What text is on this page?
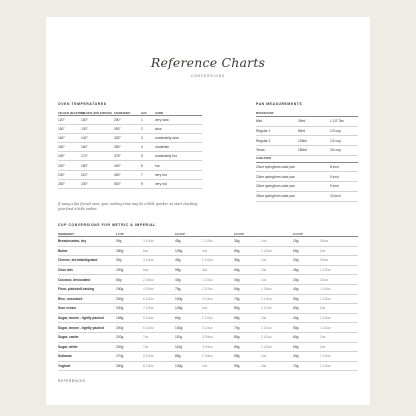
Reference Charts
CONVERSIONS
OVEN TEMPERATURES
CELSIUS (ELECTRIC)	CELSIUS (FAN-FORCED)	FAHRENHEIT	GAS	GUIDE
120°	100°	250°	1	very slow
150°	130°	300°	2	slow
160°	140°	325°	3	moderately slow
180°	160°	350°	4	moderate
190°	170°	375°	5	moderately hot
200°	180°	400°	6	hot
230°	210°	450°	7	very hot
250°	230°	500°	9	very hot
If using a fan-forced oven, your cooking time may be a little quicker, so start checking your food a little earlier.
PAN MEASUREMENTS
MUFFIN PANS		
Mini	30ml	1 1/2 Tbs
Regular 1	80ml	1/3 cup
Regular 2	125ml	1/2 cup
Texas	180ml	3/4 cup
CAKE PANS		
20cm springform cake pan		8 inch
23cm springform cake pan		9 inch
23cm springform cake pan		9 inch
25cm springform cake pan		10 inch
CUP CONVERSIONS FOR METRIC & IMPERIAL
INGREDIENT	1 CUP		1/2 CUP		1/3 CUP		1/4 CUP	
Breadcrumbs, dry	90g	3 1/4oz	45g	1 1/2oz	30g	1oz	20g	3/4oz
Butter	250g	8oz	125g	4oz	80g	2 1/2oz	60g	2oz
Cheese, shredded/grated	90g	3 1/4oz	45g	1 1/2oz	30g	1oz	20g	3/4oz
Choc bits	190g	6oz	95g	3oz	60g	2oz	45g	1 1/2oz
Coconut, desiccated	80g	2 3/4oz	40g	1 1/2oz	30g	1oz	20g	3/4oz
Flour, plain/self-raising	150g	4 3/4oz	75g	2 1/2oz	50g	1 3/4oz	40g	1 1/4oz
Rice, uncooked	200g	6 1/2oz	100g	3 1/4oz	70g	2 1/4oz	50g	1 1/2oz
Sour cream	230g	7 1/2oz	125g	4oz	80g	2 1/2oz	60g	2oz
Sugar, brown - lightly packed	165g	5 1/4oz	80g	2 1/2oz	55g	2oz	40g	1 1/4oz
Sugar, brown - tightly packed	200g	6 1/2oz	100g	3 1/4oz	70g	2 1/4oz	50g	1 1/2oz
Sugar, caster	220g	7oz	110g	3 3/4oz	80g	2 1/2oz	60g	2oz
Sugar, white	220g	7oz	110g	3 3/4oz	80g	2 1/2oz	60g	2oz
Sultanas	170g	5 1/2oz	85g	2 3/4oz	55g	2oz	40g	1 1/4oz
Yoghurt	260g	8 1/4oz	130g	4oz	90g	3oz	70g	2 1/4oz
REFERENCES
